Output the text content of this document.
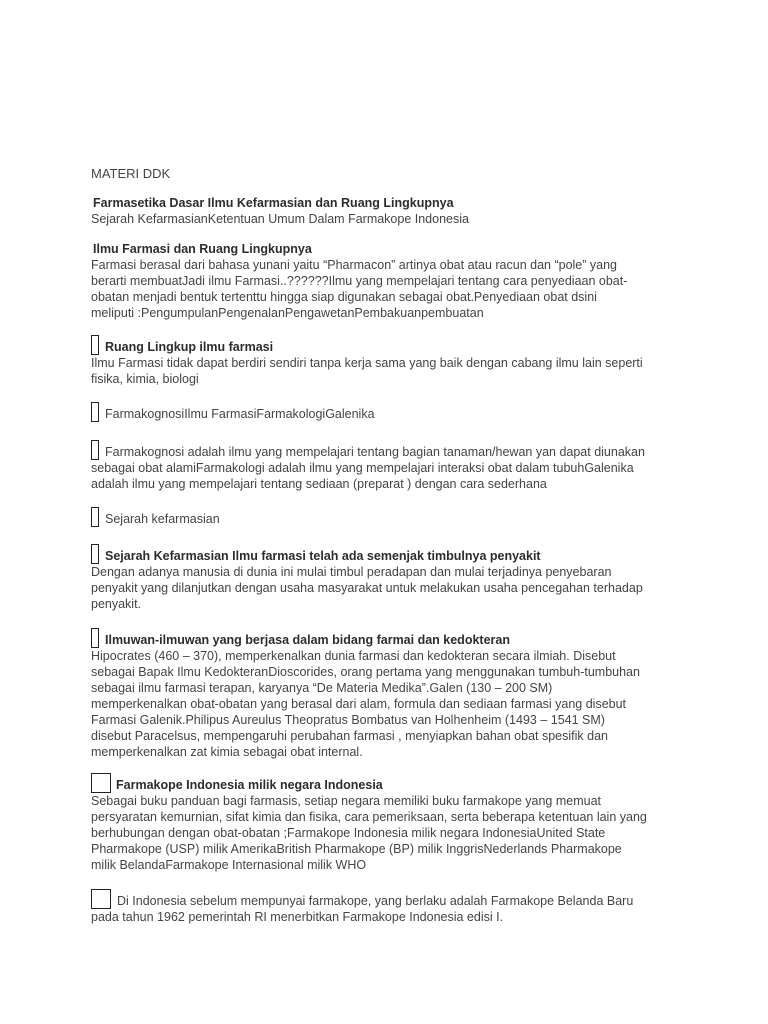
MATERI DDK
Farmasetika Dasar Ilmu Kefarmasian dan Ruang Lingkupnya
Sejarah KefarmasianKetentuan Umum Dalam Farmakope Indonesia
Ilmu Farmasi dan Ruang Lingkupnya
Farmasi berasal dari bahasa yunani yaitu “Pharmacon” artinya obat atau racun dan “pole” yang
berarti membuatJadi ilmu Farmasi..??????Ilmu yang mempelajari tentang cara penyediaan obat-
obatan menjadi bentuk tertenttu hingga siap digunakan sebagai obat.Penyediaan obat dsini
meliputi :PengumpulanPengenalanPengawetanPembakuanpembuatan
Ruang Lingkup ilmu farmasi
Ilmu Farmasi tidak dapat berdiri sendiri tanpa kerja sama yang baik dengan cabang ilmu lain seperti
fisika, kimia, biologi
FarmakognosiIlmu FarmasiFarmakologiGalenika
Farmakognosi adalah ilmu yang mempelajari tentang bagian tanaman/hewan yan dapat diunakan
sebagai obat alamiFarmakologi adalah ilmu yang mempelajari interaksi obat dalam tubuhGalenika
adalah ilmu yang mempelajari tentang sediaan (preparat ) dengan cara sederhana
Sejarah kefarmasian
Sejarah Kefarmasian Ilmu farmasi telah ada semenjak timbulnya penyakit
Dengan adanya manusia di dunia ini mulai timbul peradapan dan mulai terjadinya penyebaran
penyakit yang dilanjutkan dengan usaha masyarakat untuk melakukan usaha pencegahan terhadap
penyakit.
Ilmuwan-ilmuwan yang berjasa dalam bidang farmai dan kedokteran
Hipocrates (460 – 370), memperkenalkan dunia farmasi dan kedokteran secara ilmiah. Disebut
sebagai Bapak Ilmu KedokteranDioscorides, orang pertama yang menggunakan tumbuh-tumbuhan
sebagai ilmu farmasi terapan, karyanya “De Materia Medika”.Galen (130 – 200 SM)
memperkenalkan obat-obatan yang berasal dari alam, formula dan sediaan farmasi yang disebut
Farmasi Galenik.Philipus Aureulus Theopratus Bombatus van Holhenheim (1493 – 1541 SM)
disebut Paracelsus, mempengaruhi perubahan farmasi , menyiapkan bahan obat spesifik dan
memperkenalkan zat kimia sebagai obat internal.
Farmakope Indonesia milik negara Indonesia
Sebagai buku panduan bagi farmasis, setiap negara memiliki buku farmakope yang memuat
persyaratan kemurnian, sifat kimia dan fisika, cara pemeriksaan, serta beberapa ketentuan lain yang
berhubungan dengan obat-obatan ;Farmakope Indonesia milik negara IndonesiaUnited State
Pharmakope (USP) milik AmerikaBritish Pharmakope (BP) milik InggrisNederlands Pharmakope
milik BelandaFarmakope Internasional milik WHO
Di Indonesia sebelum mempunyai farmakope, yang berlaku adalah Farmakope Belanda Baru
pada tahun 1962 pemerintah RI menerbitkan Farmakope Indonesia edisi I.
